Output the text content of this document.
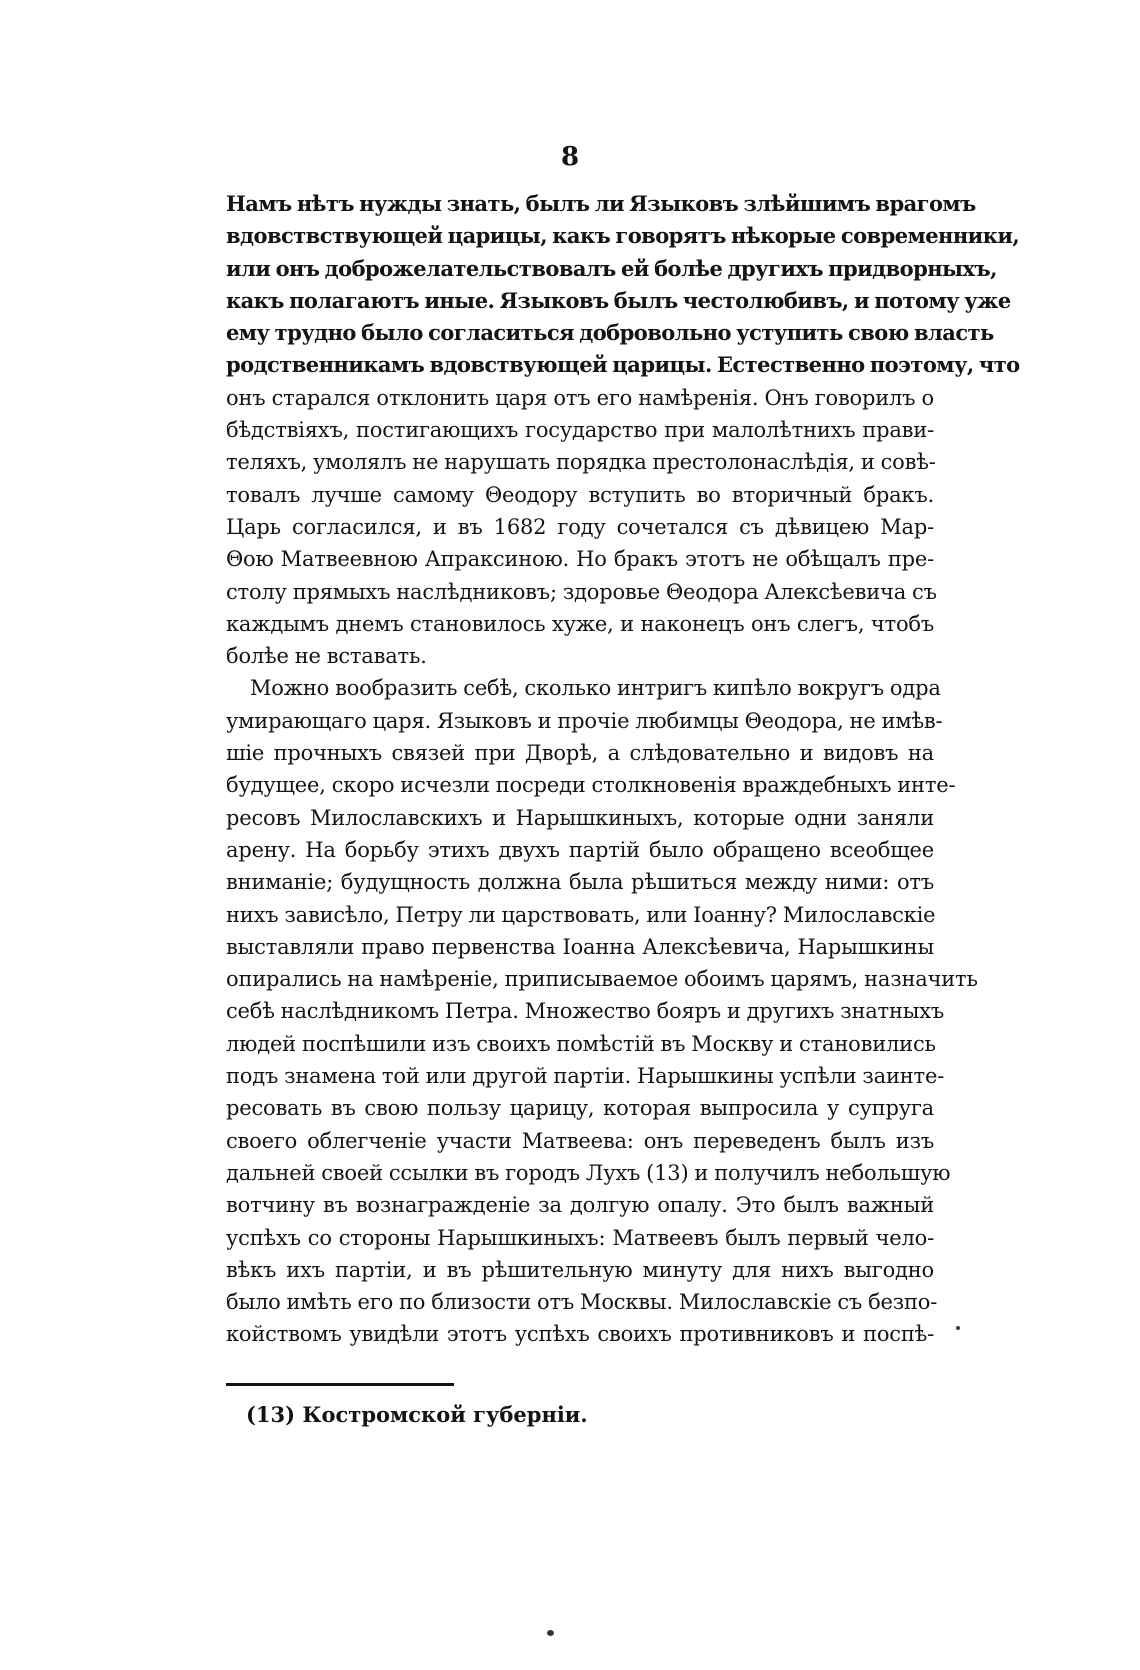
8
Намъ нѣтъ нужды знать, былъ ли Языковъ злѣйшимъ врагомъ
вдовствствующей царицы, какъ говорятъ нѣкорые современники,
или онъ доброжелательствовалъ ей болѣе другихъ придворныхъ,
какъ полагаютъ иные. Языковъ былъ честолюбивъ, и потому уже
ему трудно было согласиться добровольно уступить свою власть
родственникамъ вдовствующей царицы. Естественно поэтому, что
онъ старался отклонить царя отъ его намѣренія. Онъ говорилъ о
бѣдствіяхъ, постигающихъ государство при малолѣтнихъ прави-
теляхъ, умолялъ не нарушать порядка престолонаслѣдія, и совѣ-
товалъ лучше самому Θеодору вступить во вторичный бракъ.
Царь согласился, и въ 1682 году сочетался съ дѣвицею Мар-
Θою Матвеевною Апраксиною. Но бракъ этотъ не обѣщалъ пре-
столу прямыхъ наслѣдниковъ; здоровье Θеодора Алексѣевича съ
каждымъ днемъ становилось хуже, и наконецъ онъ слегъ, чтобъ
болѣе не вставать.
Можно вообразить себѣ, сколько интригъ кипѣло вокругъ одра
умирающаго царя. Языковъ и прочіе любимцы Θеодора, не имѣв-
шіе прочныхъ связей при Дворѣ, а слѣдовательно и видовъ на
будущее, скоро исчезли посреди столкновенія враждебныхъ инте-
ресовъ Милославскихъ и Нарышкиныхъ, которые одни заняли
арену. На борьбу этихъ двухъ партій было обращено всеобщее
вниманіе; будущность должна была рѣшиться между ними: отъ
нихъ зависѣло, Петру ли царствовать, или Іоанну? Милославскіе
выставляли право первенства Іоанна Алексѣевича, Нарышкины
опирались на намѣреніе, приписываемое обоимъ царямъ, назначить
себѣ наслѣдникомъ Петра. Множество бояръ и другихъ знатныхъ
людей поспѣшили изъ своихъ помѣстій въ Москву и становились
подъ знамена той или другой партіи. Нарышкины успѣли заинте-
ресовать въ свою пользу царицу, которая выпросила у супруга
своего облегченіе участи Матвеева: онъ переведенъ былъ изъ
дальней своей ссылки въ городъ Лухъ (13) и получилъ небольшую
вотчину въ вознагражденіе за долгую опалу. Это былъ важный
успѣхъ со стороны Нарышкиныхъ: Матвеевъ былъ первый чело-
вѣкъ ихъ партіи, и въ рѣшительную минуту для нихъ выгодно
было имѣть его по близости отъ Москвы. Милославскіе съ безпо-
койствомъ увидѣли этотъ успѣхъ своихъ противниковъ и поспѣ-
(13) Костромской губерніи.
